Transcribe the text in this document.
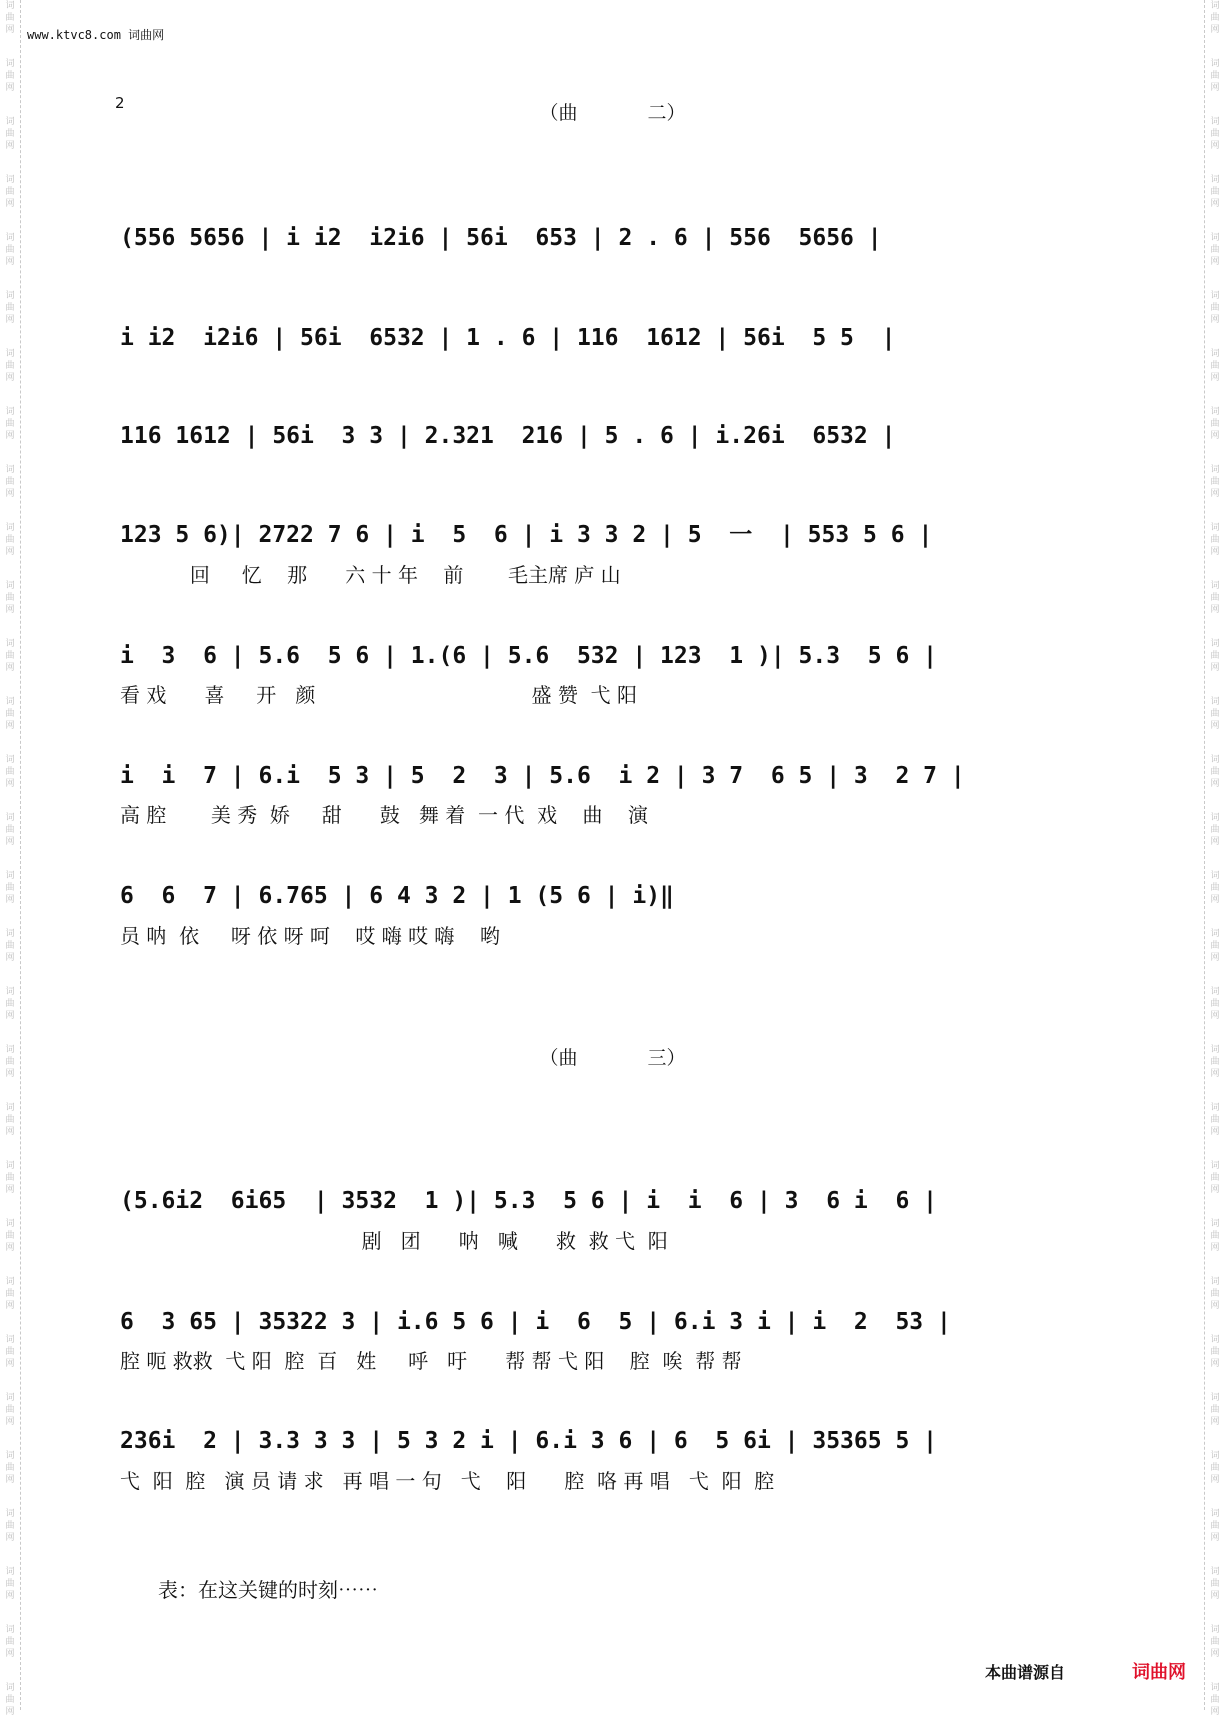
词
曲
网
词
曲
网
词
曲
网
词
曲
网
词
曲
网
词
曲
网
词
曲
网
词
曲
网
词
曲
网
词
曲
网
词
曲
网
词
曲
网
词
曲
网
词
曲
网
词
曲
网
词
曲
网
词
曲
网
词
曲
网
词
曲
网
词
曲
网
词
曲
网
词
曲
网
词
曲
网
词
曲
网
词
曲
网
词
曲
网
词
曲
网
词
曲
网
词
曲
网
词
曲
网
词
曲
网
词
曲
网
词
曲
网
词
曲
网
词
曲
网
词
曲
网
词
曲
网
词
曲
网
词
曲
网
词
曲
网
词
曲
网
词
曲
网
词
曲
网
词
曲
网
词
曲
网
词
曲
网
词
曲
网
词
曲
网
词
曲
网
词
曲
网
词
曲
网
词
曲
网
词
曲
网
词
曲
网
词
曲
网
词
曲
网
词
曲
网
词
曲
网
词
曲
网
词
曲
网
www.ktvc8.com 词曲网
2	（曲	二）
(556 5656 | i i2  i2i6 | 56i  653 | 2 . 6 | 556  5656 |
i i2  i2i6 | 56i  6532 | 1 . 6 | 116  1612 | 56i  5 5  |
116 1612 | 56i  3 3 | 2.321  216 | 5 . 6 | i.26i  6532 |
123 5 6)| 2722 7 6 | i  5  6 | i 3 3 2 | 5  一  | 553 5 6 |
回     忆    那      六 十 年    前       毛主席 庐 山
i  3  6 | 5.6  5 6 | 1.(6 | 5.6  532 | 123  1 )| 5.3  5 6 |
看 戏      喜     开   颜                                  盛 赞  弋 阳
i  i  7 | 6.i  5 3 | 5  2  3 | 5.6  i 2 | 3 7  6 5 | 3  2 7 |
高 腔       美 秀  娇     甜      鼓   舞 着  一 代  戏    曲    演
6  6  7 | 6.765 | 6 4 3 2 | 1 (5 6 | i)‖
员 呐  依     呀 依 呀 呵    哎 嗨 哎 嗨    哟
（曲	三）
(5.6i2  6i65  | 3532  1 )| 5.3  5 6 | i  i  6 | 3  6 i  6 |
剧   团      呐   喊      救  救 弋  阳
6  3 65 | 35322 3 | i.6 5 6 | i  6  5 | 6.i 3 i | i  2  53 |
腔 呃 救救  弋 阳  腔  百   姓     呼   吁      帮 帮 弋 阳    腔  唉  帮 帮
236i  2 | 3.3 3 3 | 5 3 2 i | 6.i 3 6 | 6  5 6i | 35365 5 |
弋  阳  腔   演 员 请 求   再 唱 一 句   弋    阳      腔  咯 再 唱   弋  阳  腔
表：在这关键的时刻⋯⋯
本曲谱源自	词曲网
